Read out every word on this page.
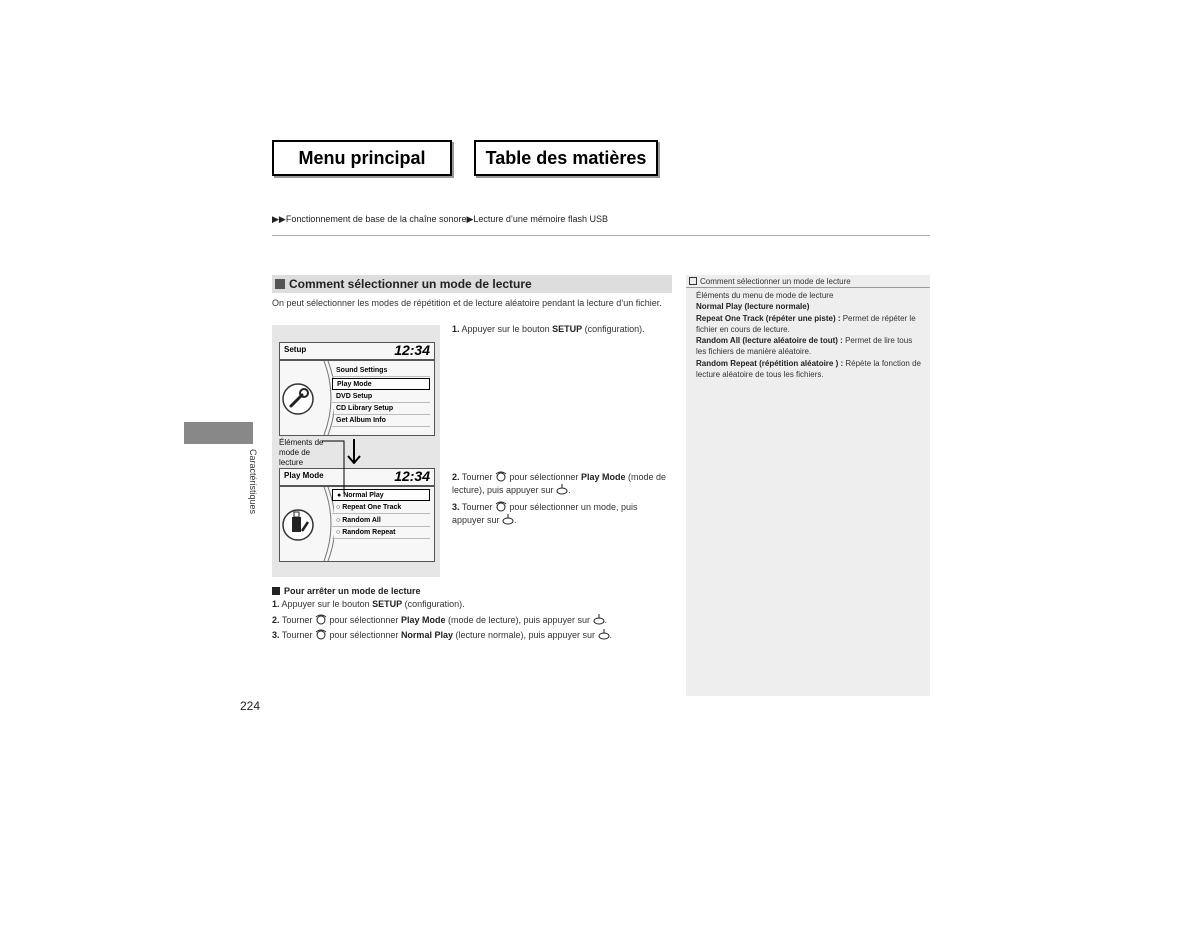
Menu principal	Table des matières
▶▶Fonctionnement de base de la chaîne sonore▶Lecture d’une mémoire flash USB
Caractéristiques
Comment sélectionner un mode de lecture
On peut sélectionner les modes de répétition et de lecture aléatoire pendant la lecture d’un fichier.
Setup	12:34
Sound Settings
Play Mode
DVD Setup
CD Library Setup
Get Album Info
Play Mode	12:34
● Normal Play
○ Repeat One Track
○ Random All
○ Random Repeat
Éléments de mode de lecture
1. Appuyer sur le bouton SETUP (configuration).
2. Tourner  pour sélectionner Play Mode (mode de lecture), puis appuyer sur .
3. Tourner  pour sélectionner un mode, puis appuyer sur .
Pour arrêter un mode de lecture
1. Appuyer sur le bouton SETUP (configuration).
2. Tourner  pour sélectionner Play Mode (mode de lecture), puis appuyer sur .
3. Tourner  pour sélectionner Normal Play (lecture normale), puis appuyer sur .
Comment sélectionner un mode de lecture
Éléments du menu de mode de lecture
Normal Play (lecture normale)
Repeat One Track (répéter une piste) : Permet de répéter le fichier en cours de lecture.
Random All (lecture aléatoire de tout) : Permet de lire tous les fichiers de manière aléatoire.
Random Repeat (répétition aléatoire ) : Répète la fonction de lecture aléatoire de tous les fichiers.
224
